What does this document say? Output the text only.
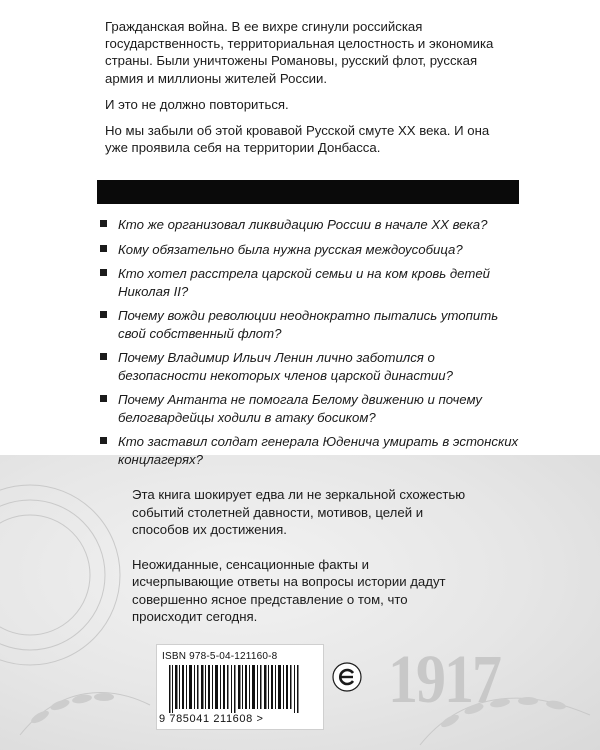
Гражданская война. В ее вихре сгинули российская государственность, территориальная целостность и экономика страны. Были уничтожены Романовы, русский флот, русская армия и миллионы жителей России.

И это не должно повториться.

Но мы забыли об этой кровавой Русской смуте XX века. И она уже проявила себя на территории Донбасса.

Кто же организовал ликвидацию России в начале XX века?
Кому обязательно была нужна русская междоусобица?
Кто хотел расстрела царской семьи и на ком кровь детей Николая II?
Почему вожди революции неоднократно пытались утопить свой собственный флот?
Почему Владимир Ильич Ленин лично заботился о безопасности некоторых членов царской династии?
Почему Антанта не помогала Белому движению и почему белогвардейцы ходили в атаку босиком?
Кто заставил солдат генерала Юденича умирать в эстонских концлагерях?

Эта книга шокирует едва ли не зеркальной схожестью событий столетней давности, мотивов, целей и способов их достижения.

Неожиданные, сенсационные факты и исчерпывающие ответы на вопросы истории дадут совершенно ясное представление о том, что происходит сегодня.

1917
ISBN 978-5-04-121160-8
9 785041 211608 >
